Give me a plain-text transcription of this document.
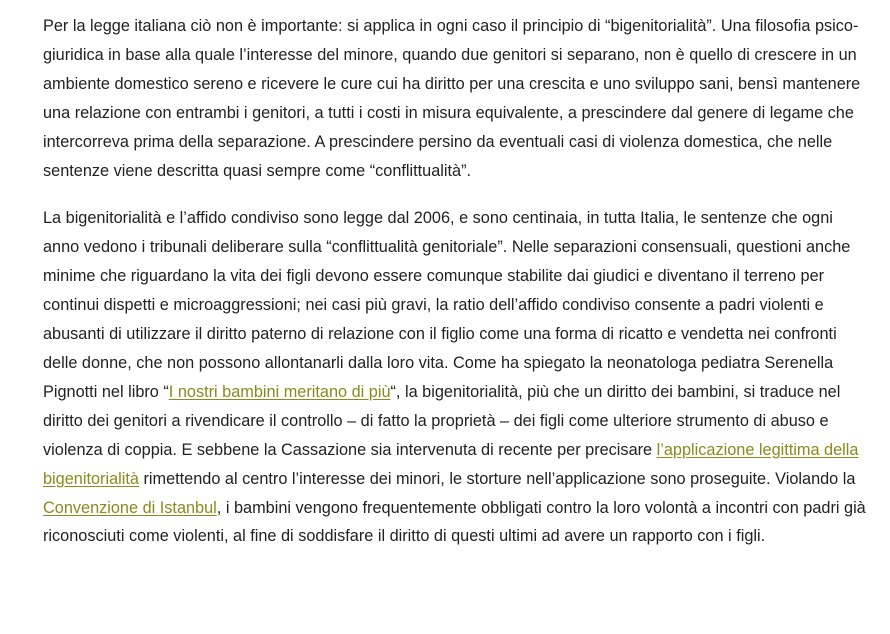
Per la legge italiana ciò non è importante: si applica in ogni caso il principio di “bigenitorialità”. Una filosofia psico-giuridica in base alla quale l’interesse del minore, quando due genitori si separano, non è quello di crescere in un ambiente domestico sereno e ricevere le cure cui ha diritto per una crescita e uno sviluppo sani, bensì mantenere una relazione con entrambi i genitori, a tutti i costi in misura equivalente, a prescindere dal genere di legame che intercorreva prima della separazione. A prescindere persino da eventuali casi di violenza domestica, che nelle sentenze viene descritta quasi sempre come “conflittualità”.

La bigenitorialità e l’affido condiviso sono legge dal 2006, e sono centinaia, in tutta Italia, le sentenze che ogni anno vedono i tribunali deliberare sulla “conflittualità genitoriale”. Nelle separazioni consensuali, questioni anche minime che riguardano la vita dei figli devono essere comunque stabilite dai giudici e diventano il terreno per continui dispetti e microaggressioni; nei casi più gravi, la ratio dell’affido condiviso consente a padri violenti e abusanti di utilizzare il diritto paterno di relazione con il figlio come una forma di ricatto e vendetta nei confronti delle donne, che non possono allontanarli dalla loro vita. Come ha spiegato la neonatologa pediatra Serenella Pignotti nel libro “I nostri bambini meritano di più“, la bigenitorialità, più che un diritto dei bambini, si traduce nel diritto dei genitori a rivendicare il controllo – di fatto la proprietà – dei figli come ulteriore strumento di abuso e violenza di coppia. E sebbene la Cassazione sia intervenuta di recente per precisare l’applicazione legittima della bigenitorialità rimettendo al centro l’interesse dei minori, le storture nell’applicazione sono proseguite. Violando la Convenzione di Istanbul, i bambini vengono frequentemente obbligati contro la loro volontà a incontri con padri già riconosciuti come violenti, al fine di soddisfare il diritto di questi ultimi ad avere un rapporto con i figli.
